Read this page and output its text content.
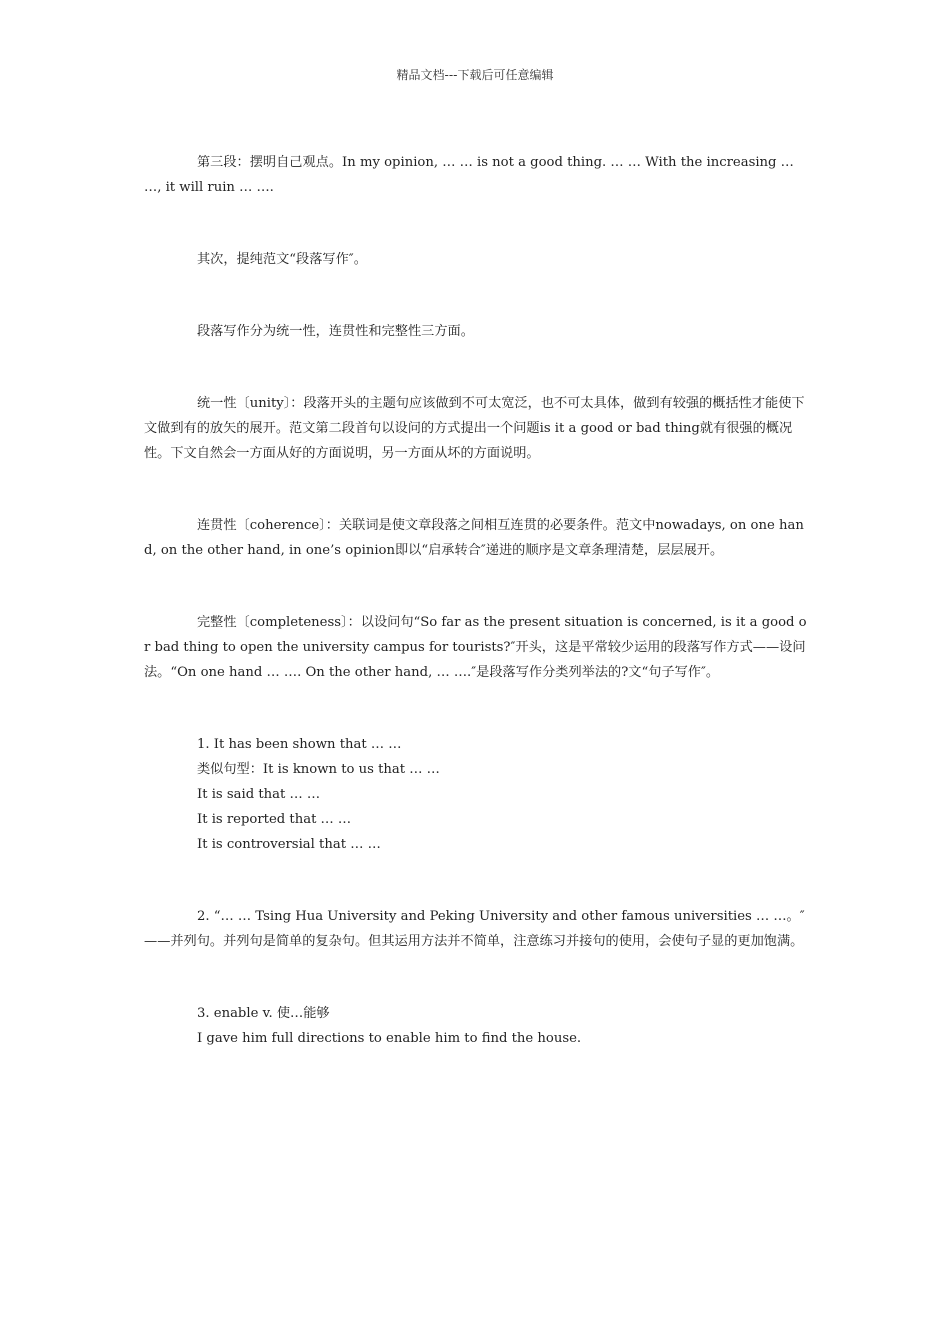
精品文档---下载后可任意编辑

第三段：摆明自己观点。In my opinion, … … is not a good thing. … … With the increasing … …, it will ruin … ….

其次，提纯范文“段落写作″。

段落写作分为统一性，连贯性和完整性三方面。

统一性〔unity〕：段落开头的主题句应该做到不可太宽泛，也不可太具体，做到有较强的概括性才能使下文做到有的放矢的展开。范文第二段首句以设问的方式提出一个问题is it a good or bad thing就有很强的概况性。下文自然会一方面从好的方面说明，另一方面从坏的方面说明。

连贯性〔coherence〕：关联词是使文章段落之间相互连贯的必要条件。范文中nowadays, on one hand, on the other hand, in one’s opinion即以“启承转合″递进的顺序是文章条理清楚，层层展开。

完整性〔completeness〕：以设问句“So far as the present situation is concerned, is it a good or bad thing to open the university campus for tourists?″开头，这是平常较少运用的段落写作方式——设问法。“On one hand … …. On the other hand, … ….″是段落写作分类列举法的?文“句子写作″。

1. It has been shown that … …
类似句型：It is known to us that … …
It is said that … …
It is reported that … …
It is controversial that … …

2. “… … Tsing Hua University and Peking University and other famous universities … …。″——并列句。并列句是简单的复杂句。但其运用方法并不简单，注意练习并接句的使用，会使句子显的更加饱满。

3. enable v. 使…能够
I gave him full directions to enable him to find the house.
